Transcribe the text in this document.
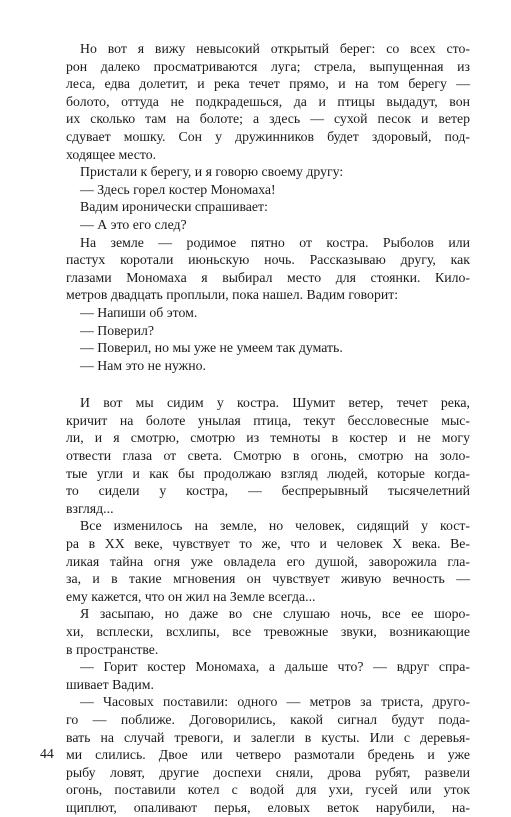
Но вот я вижу невысокий открытый берег: со всех сто-
рон далеко просматриваются луга; стрела, выпущенная из
леса, едва долетит, и река течет прямо, и на том берегу —
болото, оттуда не подкрадешься, да и птицы выдадут, вон
их сколько там на болоте; а здесь — сухой песок и ветер
сдувает мошку. Сон у дружинников будет здоровый, под-
ходящее место.
Пристали к берегу, и я говорю своему другу:
— Здесь горел костер Мономаха!
Вадим иронически спрашивает:
— А это его след?
На земле — родимое пятно от костра. Рыболов или
пастух коротали июньскую ночь. Рассказываю другу, как
глазами Мономаха я выбирал место для стоянки. Кило-
метров двадцать проплыли, пока нашел. Вадим говорит:
— Напиши об этом.
— Поверил?
— Поверил, но мы уже не умеем так думать.
— Нам это не нужно.
И вот мы сидим у костра. Шумит ветер, течет река,
кричит на болоте унылая птица, текут бессловесные мыс-
ли, и я смотрю, смотрю из темноты в костер и не могу
отвести глаза от света. Смотрю в огонь, смотрю на золо-
тые угли и как бы продолжаю взгляд людей, которые когда-
то сидели у костра, — беспрерывный тысячелетний
взгляд...
Все изменилось на земле, но человек, сидящий у кост-
ра в XX веке, чувствует то же, что и человек X века. Ве-
ликая тайна огня уже овладела его душой, заворожила гла-
за, и в такие мгновения он чувствует живую вечность —
ему кажется, что он жил на Земле всегда...
Я засыпаю, но даже во сне слушаю ночь, все ее шоро-
хи, всплески, всхлипы, все тревожные звуки, возникающие
в пространстве.
— Горит костер Мономаха, а дальше что? — вдруг спра-
шивает Вадим.
— Часовых поставили: одного — метров за триста, друго-
го — поближе. Договорились, какой сигнал будут пода-
вать на случай тревоги, и залегли в кусты. Или с деревья-
ми слились. Двое или четверо размотали бредень и уже
рыбу ловят, другие доспехи сняли, дрова рубят, развели
огонь, поставили котел с водой для ухи, гусей или уток
щиплют, опаливают перья, еловых веток нарубили, на-
44
